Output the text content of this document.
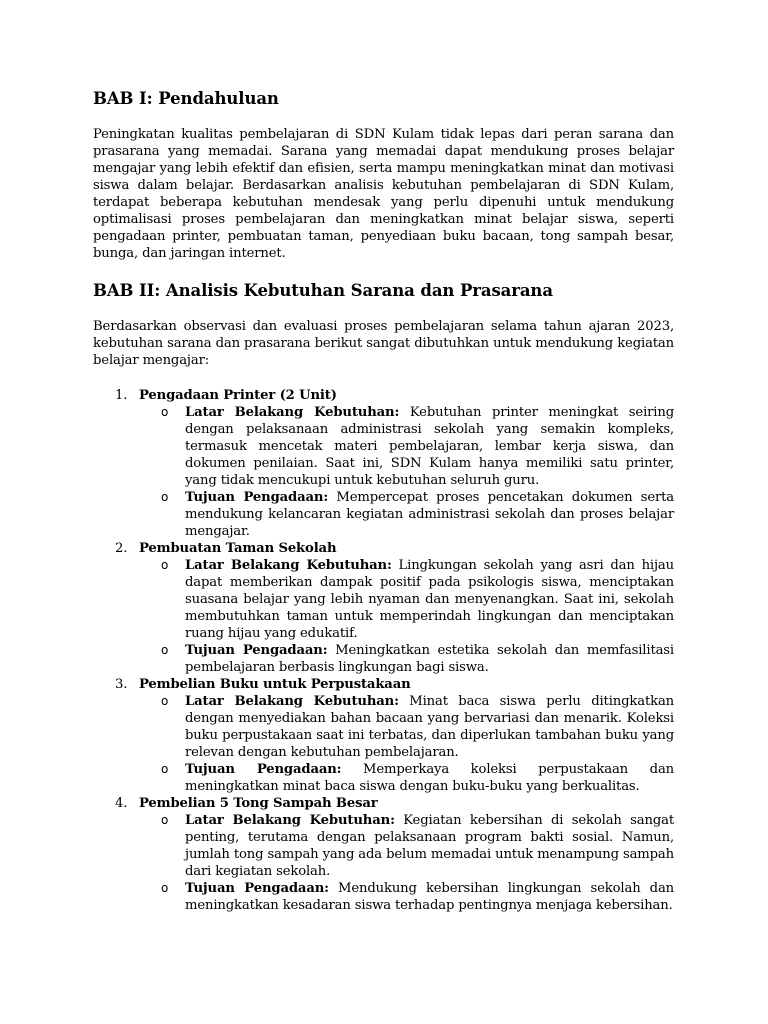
BAB I: Pendahuluan

Peningkatan kualitas pembelajaran di SDN Kulam tidak lepas dari peran sarana dan prasarana yang memadai. Sarana yang memadai dapat mendukung proses belajar mengajar yang lebih efektif dan efisien, serta mampu meningkatkan minat dan motivasi siswa dalam belajar. Berdasarkan analisis kebutuhan pembelajaran di SDN Kulam, terdapat beberapa kebutuhan mendesak yang perlu dipenuhi untuk mendukung optimalisasi proses pembelajaran dan meningkatkan minat belajar siswa, seperti pengadaan printer, pembuatan taman, penyediaan buku bacaan, tong sampah besar, bunga, dan jaringan internet.

BAB II: Analisis Kebutuhan Sarana dan Prasarana

Berdasarkan observasi dan evaluasi proses pembelajaran selama tahun ajaran 2023, kebutuhan sarana dan prasarana berikut sangat dibutuhkan untuk mendukung kegiatan belajar mengajar:

1. Pengadaan Printer (2 Unit)
o Latar Belakang Kebutuhan: Kebutuhan printer meningkat seiring dengan pelaksanaan administrasi sekolah yang semakin kompleks, termasuk mencetak materi pembelajaran, lembar kerja siswa, dan dokumen penilaian. Saat ini, SDN Kulam hanya memiliki satu printer, yang tidak mencukupi untuk kebutuhan seluruh guru.
o Tujuan Pengadaan: Mempercepat proses pencetakan dokumen serta mendukung kelancaran kegiatan administrasi sekolah dan proses belajar mengajar.
2. Pembuatan Taman Sekolah
o Latar Belakang Kebutuhan: Lingkungan sekolah yang asri dan hijau dapat memberikan dampak positif pada psikologis siswa, menciptakan suasana belajar yang lebih nyaman dan menyenangkan. Saat ini, sekolah membutuhkan taman untuk memperindah lingkungan dan menciptakan ruang hijau yang edukatif.
o Tujuan Pengadaan: Meningkatkan estetika sekolah dan memfasilitasi pembelajaran berbasis lingkungan bagi siswa.
3. Pembelian Buku untuk Perpustakaan
o Latar Belakang Kebutuhan: Minat baca siswa perlu ditingkatkan dengan menyediakan bahan bacaan yang bervariasi dan menarik. Koleksi buku perpustakaan saat ini terbatas, dan diperlukan tambahan buku yang relevan dengan kebutuhan pembelajaran.
o Tujuan Pengadaan: Memperkaya koleksi perpustakaan dan meningkatkan minat baca siswa dengan buku-buku yang berkualitas.
4. Pembelian 5 Tong Sampah Besar
o Latar Belakang Kebutuhan: Kegiatan kebersihan di sekolah sangat penting, terutama dengan pelaksanaan program bakti sosial. Namun, jumlah tong sampah yang ada belum memadai untuk menampung sampah dari kegiatan sekolah.
o Tujuan Pengadaan: Mendukung kebersihan lingkungan sekolah dan meningkatkan kesadaran siswa terhadap pentingnya menjaga kebersihan.
